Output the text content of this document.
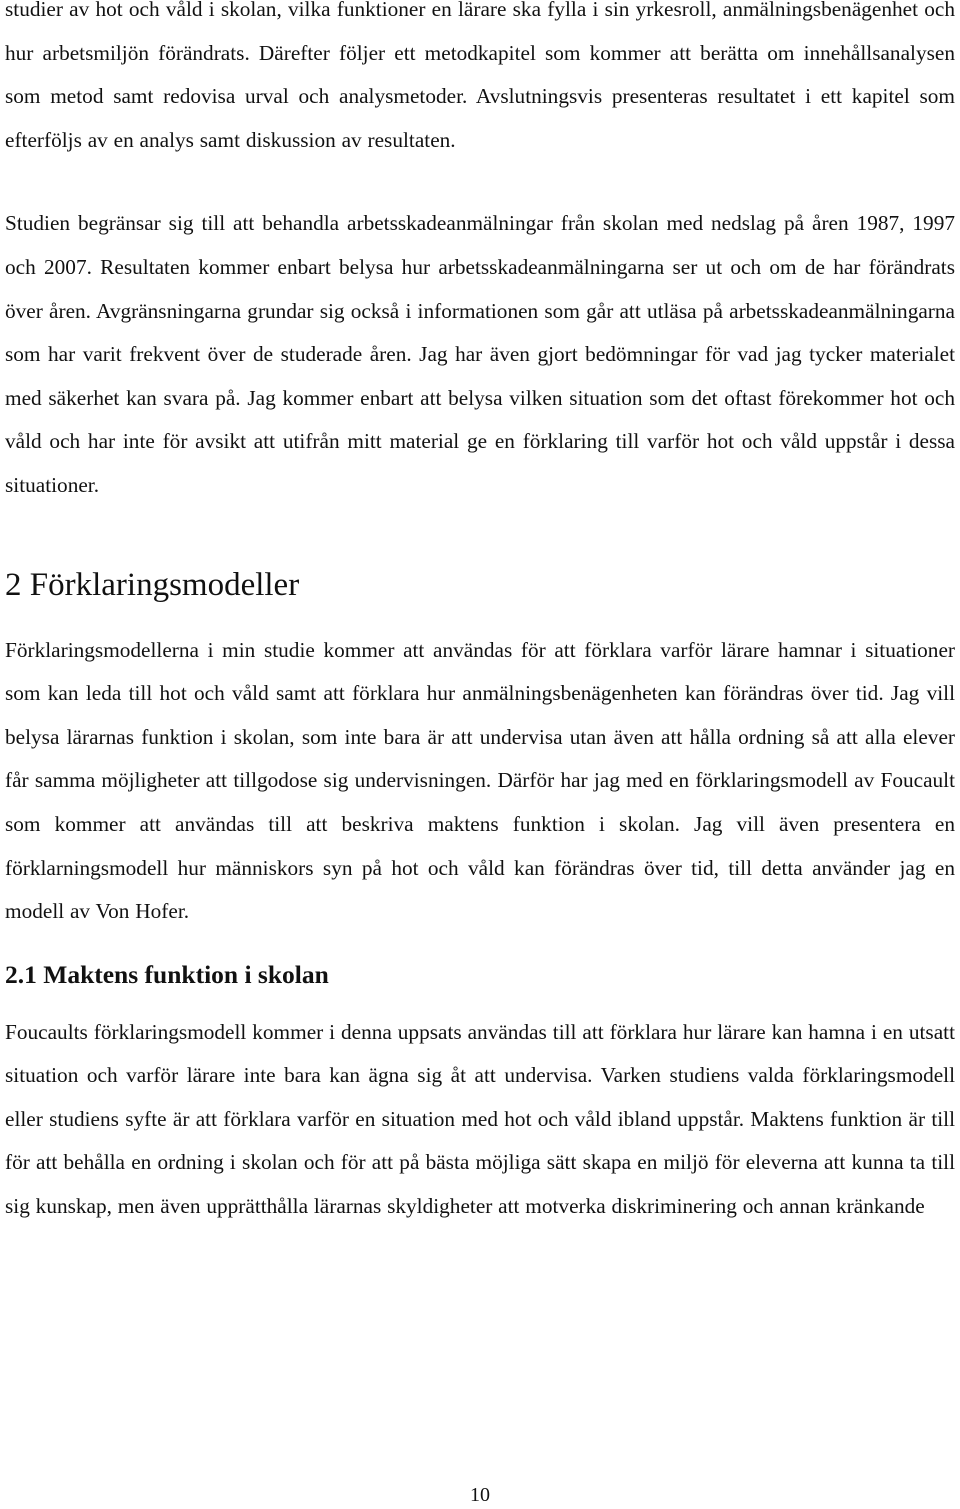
studier av hot och våld i skolan, vilka funktioner en lärare ska fylla i sin yrkesroll, anmälningsbenägenhet och hur arbetsmiljön förändrats. Därefter följer ett metodkapitel som kommer att berätta om innehållsanalysen som metod samt redovisa urval och analysmetoder. Avslutningsvis presenteras resultatet i ett kapitel som efterföljs av en analys samt diskussion av resultaten.

Studien begränsar sig till att behandla arbetsskadeanmälningar från skolan med nedslag på åren 1987, 1997 och 2007. Resultaten kommer enbart belysa hur arbetsskadeanmälningarna ser ut och om de har förändrats över åren. Avgränsningarna grundar sig också i informationen som går att utläsa på arbetsskadeanmälningarna som har varit frekvent över de studerade åren. Jag har även gjort bedömningar för vad jag tycker materialet med säkerhet kan svara på. Jag kommer enbart att belysa vilken situation som det oftast förekommer hot och våld och har inte för avsikt att utifrån mitt material ge en förklaring till varför hot och våld uppstår i dessa situationer.

2 Förklaringsmodeller

Förklaringsmodellerna i min studie kommer att användas för att förklara varför lärare hamnar i situationer som kan leda till hot och våld samt att förklara hur anmälningsbenägenheten kan förändras över tid. Jag vill belysa lärarnas funktion i skolan, som inte bara är att undervisa utan även att hålla ordning så att alla elever får samma möjligheter att tillgodose sig undervisningen. Därför har jag med en förklaringsmodell av Foucault som kommer att användas till att beskriva maktens funktion i skolan. Jag vill även presentera en förklarningsmodell hur människors syn på hot och våld kan förändras över tid, till detta använder jag en modell av Von Hofer.

2.1 Maktens funktion i skolan

Foucaults förklaringsmodell kommer i denna uppsats användas till att förklara hur lärare kan hamna i en utsatt situation och varför lärare inte bara kan ägna sig åt att undervisa. Varken studiens valda förklaringsmodell eller studiens syfte är att förklara varför en situation med hot och våld ibland uppstår. Maktens funktion är till för att behålla en ordning i skolan och för att på bästa möjliga sätt skapa en miljö för eleverna att kunna ta till sig kunskap, men även upprätthålla lärarnas skyldigheter att motverka diskriminering och annan kränkande

10
